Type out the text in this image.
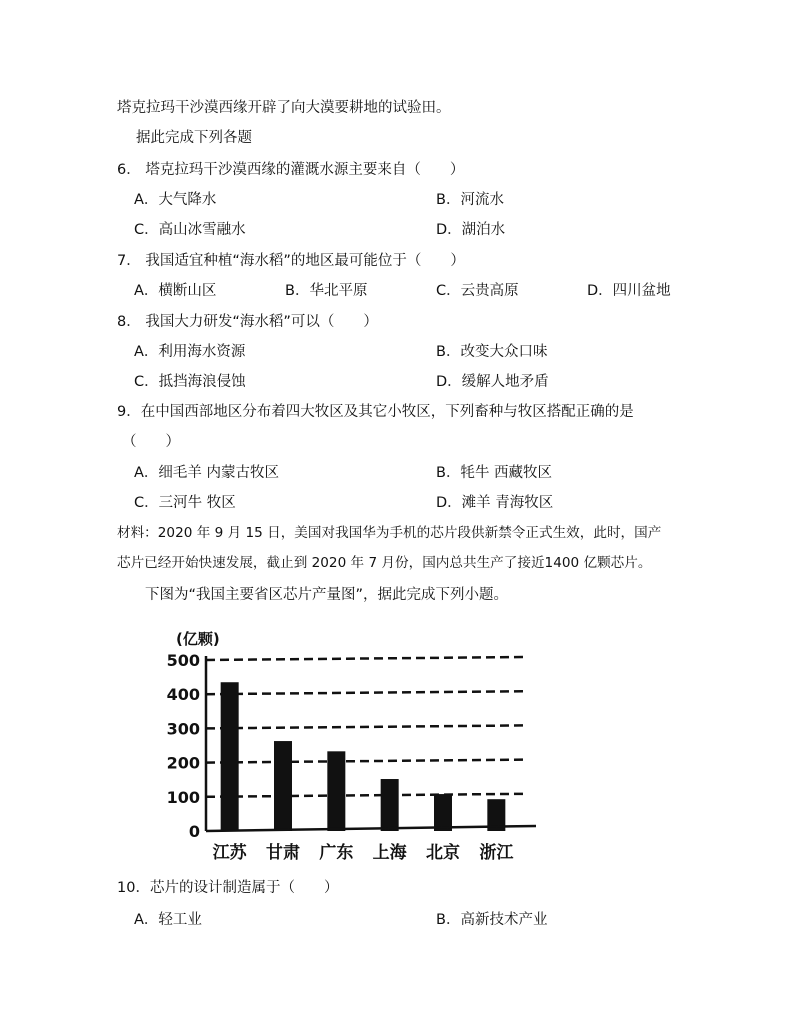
塔克拉玛干沙漠西缘开辟了向大漠要耕地的试验田。
据此完成下列各题
6． 塔克拉玛干沙漠西缘的灌溉水源主要来自（　　）
A．大气降水	B．河流水
C．高山冰雪融水	D．湖泊水
7． 我国适宜种植“海水稻”的地区最可能位于（　　）
A．横断山区	B．华北平原	C．云贵高原	D．四川盆地
8． 我国大力研发“海水稻”可以（　　）
A．利用海水资源	B．改变大众口味
C．抵挡海浪侵蚀	D．缓解人地矛盾
9．在中国西部地区分布着四大牧区及其它小牧区，下列畜种与牧区搭配正确的是
（　　）
A．细毛羊 内蒙古牧区	B．牦牛 西藏牧区
C．三河牛 牧区	D．滩羊 青海牧区
材料：2020 年 9 月 15 日，美国对我国华为手机的芯片段供新禁令正式生效，此时，国产
芯片已经开始快速发展，截止到 2020 年 7 月份，国内总共生产了接近1400 亿颗芯片。
下图为“我国主要省区芯片产量图”，据此完成下列小题。
(亿颗)
0
100
200
300
400
500
江苏 甘肃 广东 上海 北京 浙江
10．芯片的设计制造属于（　　）
A．轻工业	B．高新技术产业
